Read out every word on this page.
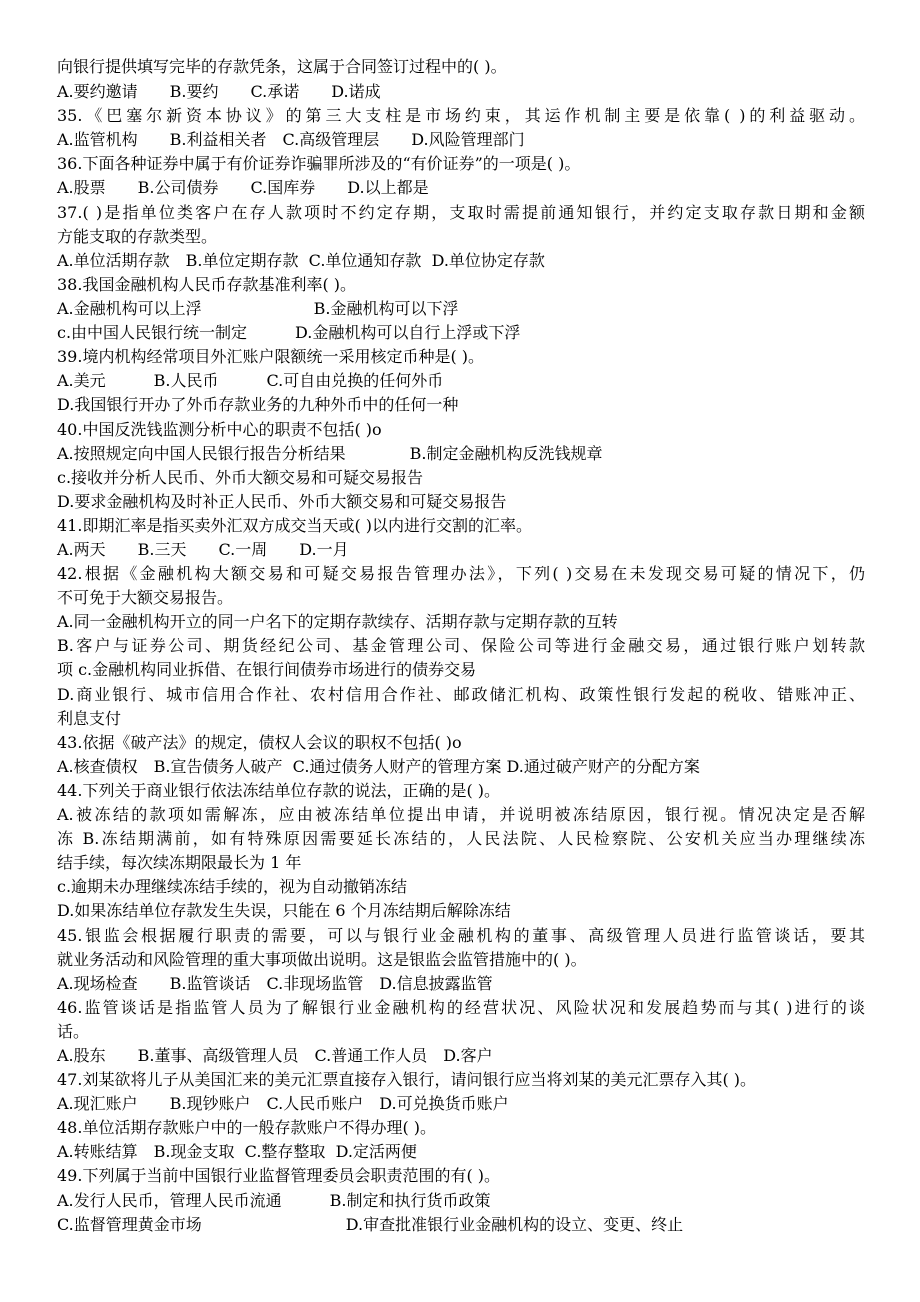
向银行提供填写完毕的存款凭条，这属于合同签订过程中的( )。
A.要约邀请　　B.要约　　C.承诺　　D.诺成
35.《巴塞尔新资本协议》的第三大支柱是市场约束，其运作机制主要是依靠( )的利益驱动。
A.监管机构　　B.利益相关者　C.高级管理层　　D.风险管理部门
36.下面各种证券中属于有价证券诈骗罪所涉及的“有价证券”的一项是( )。
A.股票　　B.公司债券　　C.国库券　　D.以上都是
37.( )是指单位类客户在存人款项时不约定存期，支取时需提前通知银行，并约定支取存款日期和金额
方能支取的存款类型。
A.单位活期存款　B.单位定期存款  C.单位通知存款  D.单位协定存款
38.我国金融机构人民币存款基准利率( )。
A.金融机构可以上浮　　　　　　　B.金融机构可以下浮
c.由中国人民银行统一制定　　　D.金融机构可以自行上浮或下浮
39.境内机构经常项目外汇账户限额统一采用核定币种是( )。
A.美元　　　B.人民币　　　C.可自由兑换的任何外币
D.我国银行开办了外币存款业务的九种外币中的任何一种
40.中国反洗钱监测分析中心的职责不包括( )o
A.按照规定向中国人民银行报告分析结果　　　　B.制定金融机构反洗钱规章
c.接收并分析人民币、外币大额交易和可疑交易报告
D.要求金融机构及时补正人民币、外币大额交易和可疑交易报告
41.即期汇率是指买卖外汇双方成交当天或( )以内进行交割的汇率。
A.两天　　B.三天　　C.一周　　D.一月
42.根据《金融机构大额交易和可疑交易报告管理办法》，下列( )交易在未发现交易可疑的情况下，仍
不可免于大额交易报告。
A.同一金融机构开立的同一户名下的定期存款续存、活期存款与定期存款的互转
B.客户与证券公司、期货经纪公司、基金管理公司、保险公司等进行金融交易，通过银行账户划转款
项 c.金融机构同业拆借、在银行间债券市场进行的债券交易
D.商业银行、城市信用合作社、农村信用合作社、邮政储汇机构、政策性银行发起的税收、错账冲正、
利息支付
43.依据《破产法》的规定，债权人会议的职权不包括( )o
A.核查债权　B.宣告债务人破产  C.通过债务人财产的管理方案 D.通过破产财产的分配方案
44.下列关于商业银行依法冻结单位存款的说法，正确的是( )。
A.被冻结的款项如需解冻，应由被冻结单位提出申请，并说明被冻结原因，银行视。情况决定是否解
冻 B.冻结期满前，如有特殊原因需要延长冻结的，人民法院、人民检察院、公安机关应当办理继续冻
结手续，每次续冻期限最长为 1 年
c.逾期未办理继续冻结手续的，视为自动撤销冻结
D.如果冻结单位存款发生失误，只能在 6 个月冻结期后解除冻结
45.银监会根据履行职责的需要，可以与银行业金融机构的董事、高级管理人员进行监管谈话，要其
就业务活动和风险管理的重大事项做出说明。这是银监会监管措施中的( )。
A.现场检查　　B.监管谈话　C.非现场监管　D.信息披露监管
46.监管谈话是指监管人员为了解银行业金融机构的经营状况、风险状况和发展趋势而与其( )进行的谈
话。
A.股东　　B.董事、高级管理人员　C.普通工作人员　D.客户
47.刘某欲将儿子从美国汇来的美元汇票直接存入银行，请问银行应当将刘某的美元汇票存入其( )。
A.现汇账户　　B.现钞账户　C.人民币账户　D.可兑换货币账户
48.单位活期存款账户中的一般存款账户不得办理( )。
A.转账结算　B.现金支取  C.整存整取  D.定活两便
49.下列属于当前中国银行业监督管理委员会职责范围的有( )。
A.发行人民币，管理人民币流通　　　B.制定和执行货币政策
C.监督管理黄金市场　　　　　　　　　D.审查批准银行业金融机构的设立、变更、终止
